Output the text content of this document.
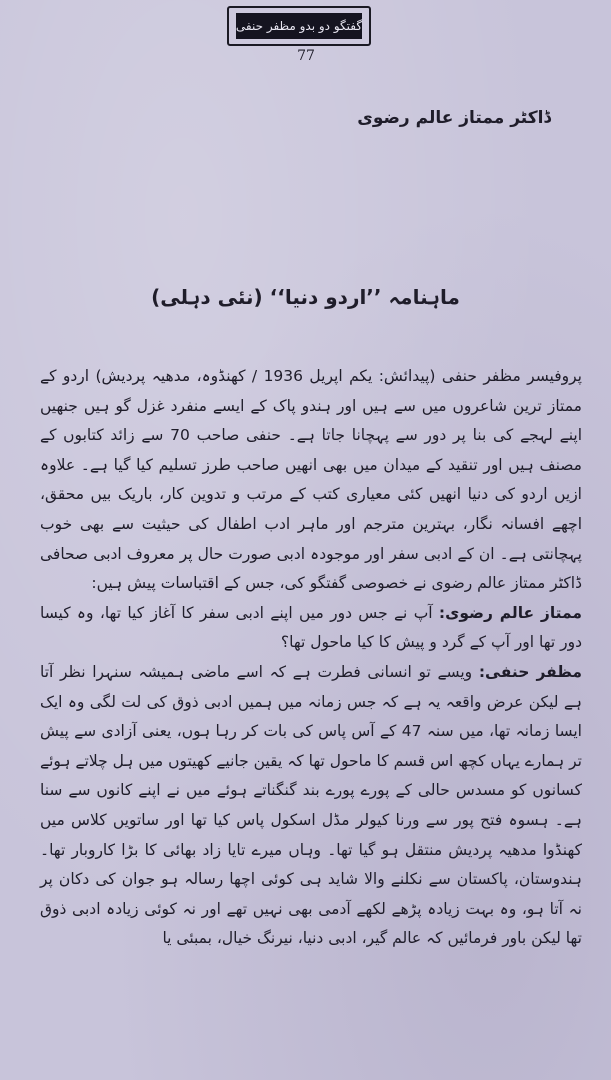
گفتگو دو بدو مظفر حنفی
77
ڈاکٹر ممتاز عالم رضوی
ماہنامہ ’’اردو دنیا‘‘ (نئی دہلی)

پروفیسر مظفر حنفی (پیدائش: یکم اپریل 1936 / کھنڈوہ، مدھیہ پردیش) اردو کے ممتاز ترین شاعروں میں سے ہیں اور ہندو پاک کے ایسے منفرد غزل گو ہیں جنھیں اپنے لہجے کی بنا پر دور سے پہچانا جاتا ہے۔ حنفی صاحب 70 سے زائد کتابوں کے مصنف ہیں اور تنقید کے میدان میں بھی انھیں صاحب طرز تسلیم کیا گیا ہے۔ علاوہ ازیں اردو کی دنیا انھیں کئی معیاری کتب کے مرتب و تدوین کار، باریک بیں محقق، اچھے افسانہ نگار، بہترین مترجم اور ماہر ادب اطفال کی حیثیت سے بھی خوب پہچانتی ہے۔ ان کے ادبی سفر اور موجودہ ادبی صورت حال پر معروف ادبی صحافی ڈاکٹر ممتاز عالم رضوی نے خصوصی گفتگو کی، جس کے اقتباسات پیش ہیں:

ممتاز عالم رضوی: آپ نے جس دور میں اپنے ادبی سفر کا آغاز کیا تھا، وہ کیسا دور تھا اور آپ کے گرد و پیش کا کیا ماحول تھا؟

مظفر حنفی: ویسے تو انسانی فطرت ہے کہ اسے ماضی ہمیشہ سنہرا نظر آتا ہے لیکن عرض واقعہ یہ ہے کہ جس زمانہ میں ہمیں ادبی ذوق کی لت لگی وہ ایک ایسا زمانہ تھا، میں سنہ 47 کے آس پاس کی بات کر رہا ہوں، یعنی آزادی سے پیش تر ہمارے یہاں کچھ اس قسم کا ماحول تھا کہ یقین جانیے کھیتوں میں ہل چلاتے ہوئے کسانوں کو مسدس حالی کے پورے پورے بند گنگناتے ہوئے میں نے اپنے کانوں سے سنا ہے۔ ہسوہ فتح پور سے ورنا کیولر مڈل اسکول پاس کیا تھا اور ساتویں کلاس میں کھنڈوا مدھیہ پردیش منتقل ہو گیا تھا۔ وہاں میرے تایا زاد بھائی کا بڑا کاروبار تھا۔ ہندوستان، پاکستان سے نکلنے والا شاید ہی کوئی اچھا رسالہ ہو جوان کی دکان پر نہ آتا ہو، وہ بہت زیادہ پڑھے لکھے آدمی بھی نہیں تھے اور نہ کوئی زیادہ ادبی ذوق تھا لیکن باور فرمائیں کہ عالم گیر، ادبی دنیا، نیرنگ خیال، بمبئی یا
